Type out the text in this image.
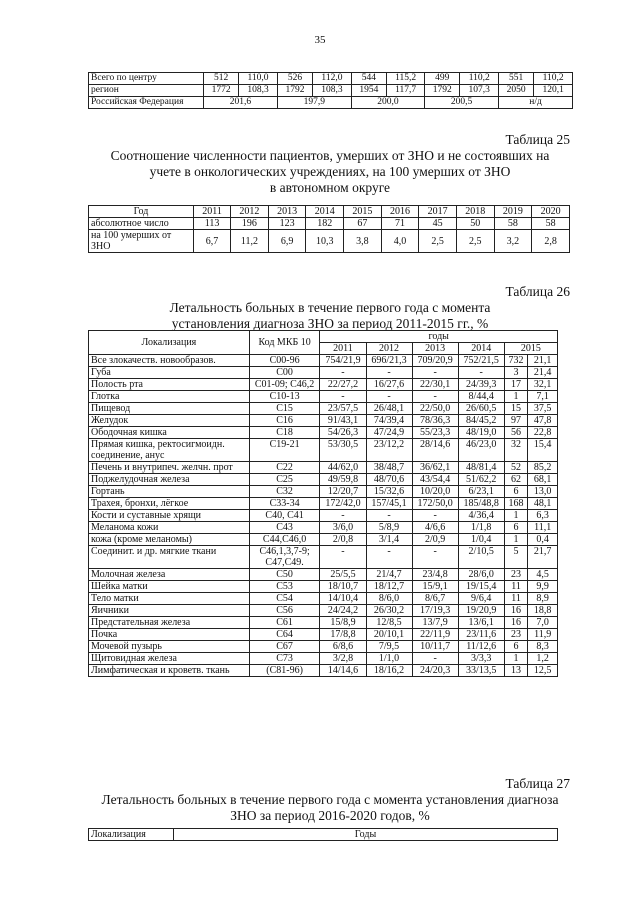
35
Всего по центру	512	110,0	526	112,0	544	115,2	499	110,2	551	110,2
регион	1772	108,3	1792	108,3	1954	117,7	1792	107,3	2050	120,1
Российская Федерация	201,6		197,9		200,0		200,5		н/д	
Таблица 25
Соотношение численности пациентов, умерших от ЗНО и не состоявших на
учете в онкологических учреждениях, на 100 умерших от ЗНО
в автономном округе
Год	2011	2012	2013	2014	2015	2016	2017	2018	2019	2020
абсолютное число	113	196	123	182	67	71	45	50	58	58
на 100 умерших от ЗНО	6,7	11,2	6,9	10,3	3,8	4,0	2,5	2,5	3,2	2,8
Таблица 26
Летальность больных в течение первого года с момента
установления диагноза ЗНО за период 2011-2015 гг., %
Локализация	Код МКБ 10	годы					
		2011	2012	2013	2014	2015	
Все злокачеств. новообразов.	C00-96	754/21,9	696/21,3	709/20,9	752/21,5	732	21,1
Губа	C00	-	-	-	-	3	21,4
Полость рта	C01-09; C46,2	22/27,2	16/27,6	22/30,1	24/39,3	17	32,1
Глотка	C10-13	-	-	-	8/44,4	1	7,1
Пищевод	C15	23/57,5	26/48,1	22/50,0	26/60,5	15	37,5
Желудок	C16	91/43,1	74/39,4	78/36,3	84/45,2	97	47,8
Ободочная кишка	C18	54/26,3	47/24,9	55/23,3	48/19,0	56	22,8
Прямая кишка, ректосигмоидн. соединение, анус	C19-21	53/30,5	23/12,2	28/14,6	46/23,0	32	15,4
Печень и внутрипеч. желчн. прот	C22	44/62,0	38/48,7	36/62,1	48/81,4	52	85,2
Поджелудочная железа	C25	49/59,8	48/70,6	43/54,4	51/62,2	62	68,1
Гортань	C32	12/20,7	15/32,6	10/20,0	6/23,1	6	13,0
Трахея, бронхи, лёгкое	C33-34	172/42,0	157/45,1	172/50,0	185/48,8	168	48,1
Кости и суставные хрящи	C40, C41	-	-	-	4/36,4	1	6,3
Меланома кожи	C43	3/6,0	5/8,9	4/6,6	1/1,8	6	11,1
кожа (кроме меланомы)	C44,C46,0	2/0,8	3/1,4	2/0,9	1/0,4	1	0,4
Соединит. и др. мягкие ткани	C46,1,3,7-9; C47,C49.	-	-	-	2/10,5	5	21,7
Молочная железа	C50	25/5,5	21/4,7	23/4,8	28/6,0	23	4,5
Шейка матки	C53	18/10,7	18/12,7	15/9,1	19/15,4	11	9,9
Тело матки	C54	14/10,4	8/6,0	8/6,7	9/6,4	11	8,9
Яичники	C56	24/24,2	26/30,2	17/19,3	19/20,9	16	18,8
Предстательная железа	C61	15/8,9	12/8,5	13/7,9	13/6,1	16	7,0
Почка	C64	17/8,8	20/10,1	22/11,9	23/11,6	23	11,9
Мочевой пузырь	C67	6/8,6	7/9,5	10/11,7	11/12,6	6	8,3
Щитовидная железа	C73	3/2,8	1/1,0	-	3/3,3	1	1,2
Лимфатическая и кроветв. ткань	(C81-96)	14/14,6	18/16,2	24/20,3	33/13,5	13	12,5
Таблица 27
Летальность больных в течение первого года с момента установления диагноза
ЗНО за период 2016-2020 годов, %
Локализация	Годы
